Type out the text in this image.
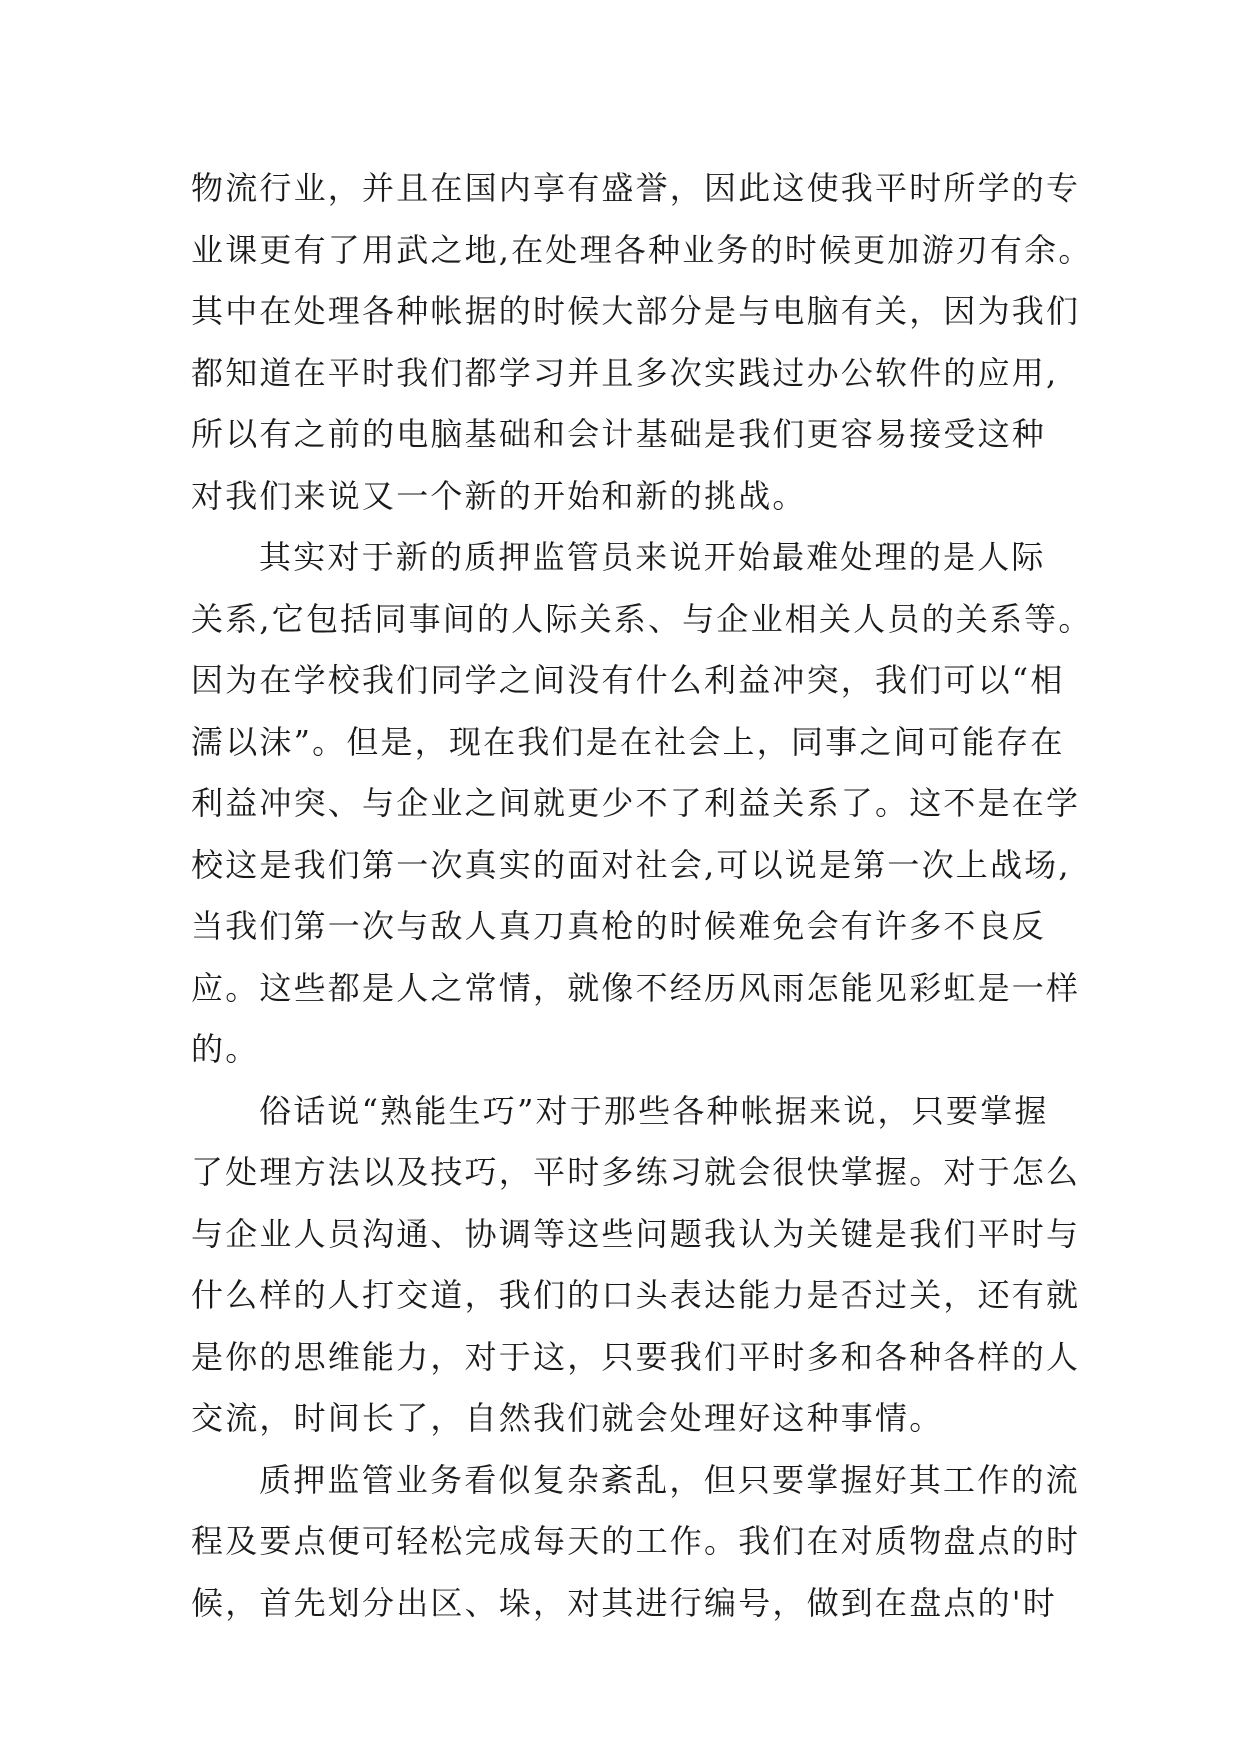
物流行业，并且在国内享有盛誉，因此这使我平时所学的专
业课更有了用武之地,在处理各种业务的时候更加游刃有余。
其中在处理各种帐据的时候大部分是与电脑有关，因为我们
都知道在平时我们都学习并且多次实践过办公软件的应用,
所以有之前的电脑基础和会计基础是我们更容易接受这种
对我们来说又一个新的开始和新的挑战。
其实对于新的质押监管员来说开始最难处理的是人际
关系,它包括同事间的人际关系、与企业相关人员的关系等。
因为在学校我们同学之间没有什么利益冲突，我们可以“相
濡以沫”。但是，现在我们是在社会上，同事之间可能存在
利益冲突、与企业之间就更少不了利益关系了。这不是在学
校这是我们第一次真实的面对社会,可以说是第一次上战场,
当我们第一次与敌人真刀真枪的时候难免会有许多不良反
应。这些都是人之常情，就像不经历风雨怎能见彩虹是一样
的。
俗话说“熟能生巧”对于那些各种帐据来说，只要掌握
了处理方法以及技巧，平时多练习就会很快掌握。对于怎么
与企业人员沟通、协调等这些问题我认为关键是我们平时与
什么样的人打交道，我们的口头表达能力是否过关，还有就
是你的思维能力，对于这，只要我们平时多和各种各样的人
交流，时间长了，自然我们就会处理好这种事情。
质押监管业务看似复杂紊乱，但只要掌握好其工作的流
程及要点便可轻松完成每天的工作。我们在对质物盘点的时
候，首先划分出区、垛，对其进行编号，做到在盘点的'时
